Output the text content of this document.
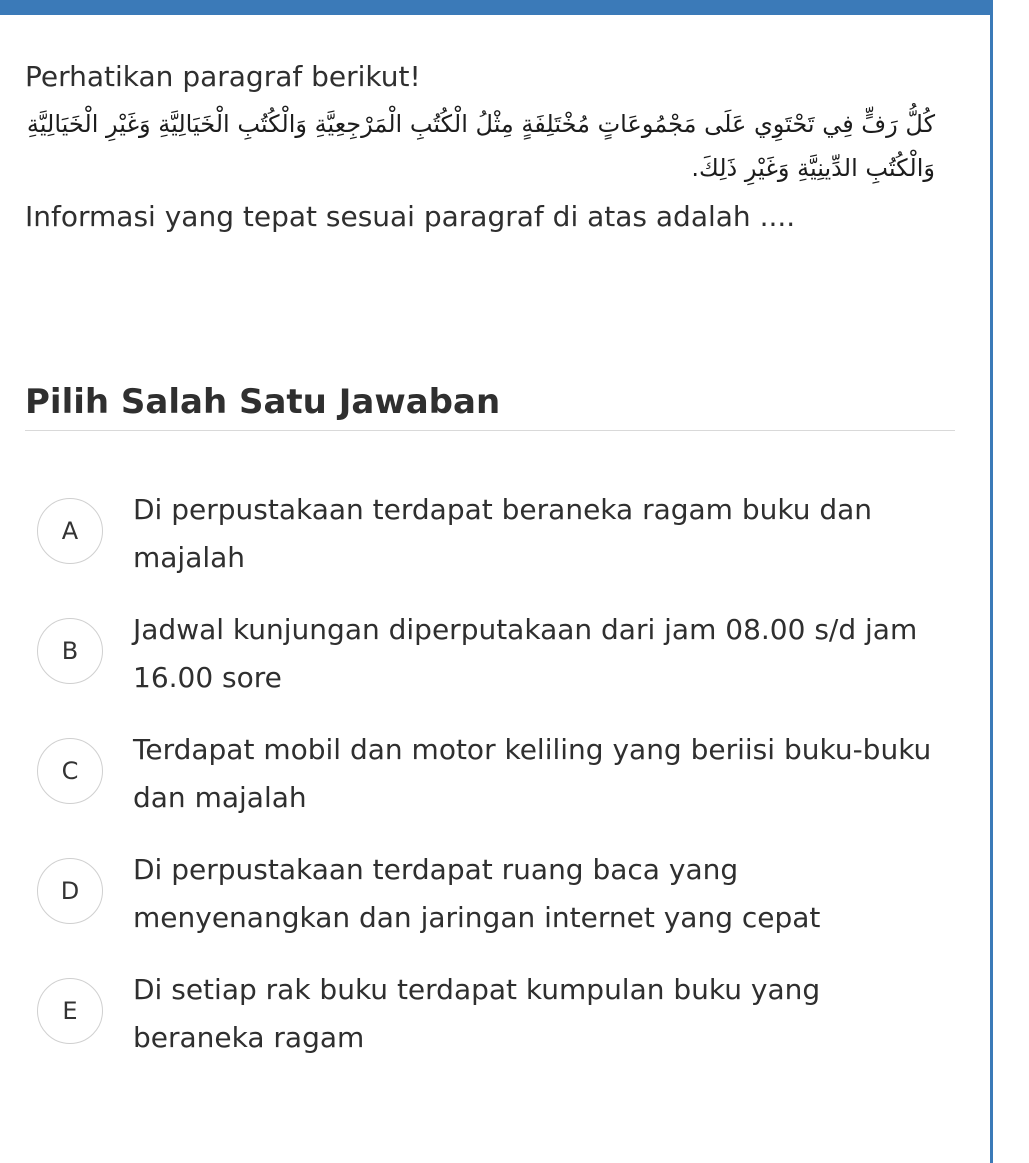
Perhatikan paragraf berikut!

كُلُّ رَفٍّ فِي تَحْتَوِي عَلَى مَجْمُوعَاتٍ مُخْتَلِفَةٍ مِثْلُ الْكُتُبِ الْمَرْجِعِيَّةِ وَالْكُتُبِ الْخَيَالِيَّةِ وَغَيْرِ الْخَيَالِيَّةِ وَالْكُتُبِ الدِّينِيَّةِ وَغَيْرِ ذَلِكَ.

Informasi yang tepat sesuai paragraf di atas adalah ....

Pilih Salah Satu Jawaban
A
Di perpustakaan terdapat beraneka ragam buku dan majalah
B
Jadwal kunjungan diperputakaan dari jam 08.00 s/d jam 16.00 sore
C
Terdapat mobil dan motor keliling yang beriisi buku-buku dan majalah
D
Di perpustakaan terdapat ruang baca yang menyenangkan dan jaringan internet yang cepat
E
Di setiap rak buku terdapat kumpulan buku yang beraneka ragam
